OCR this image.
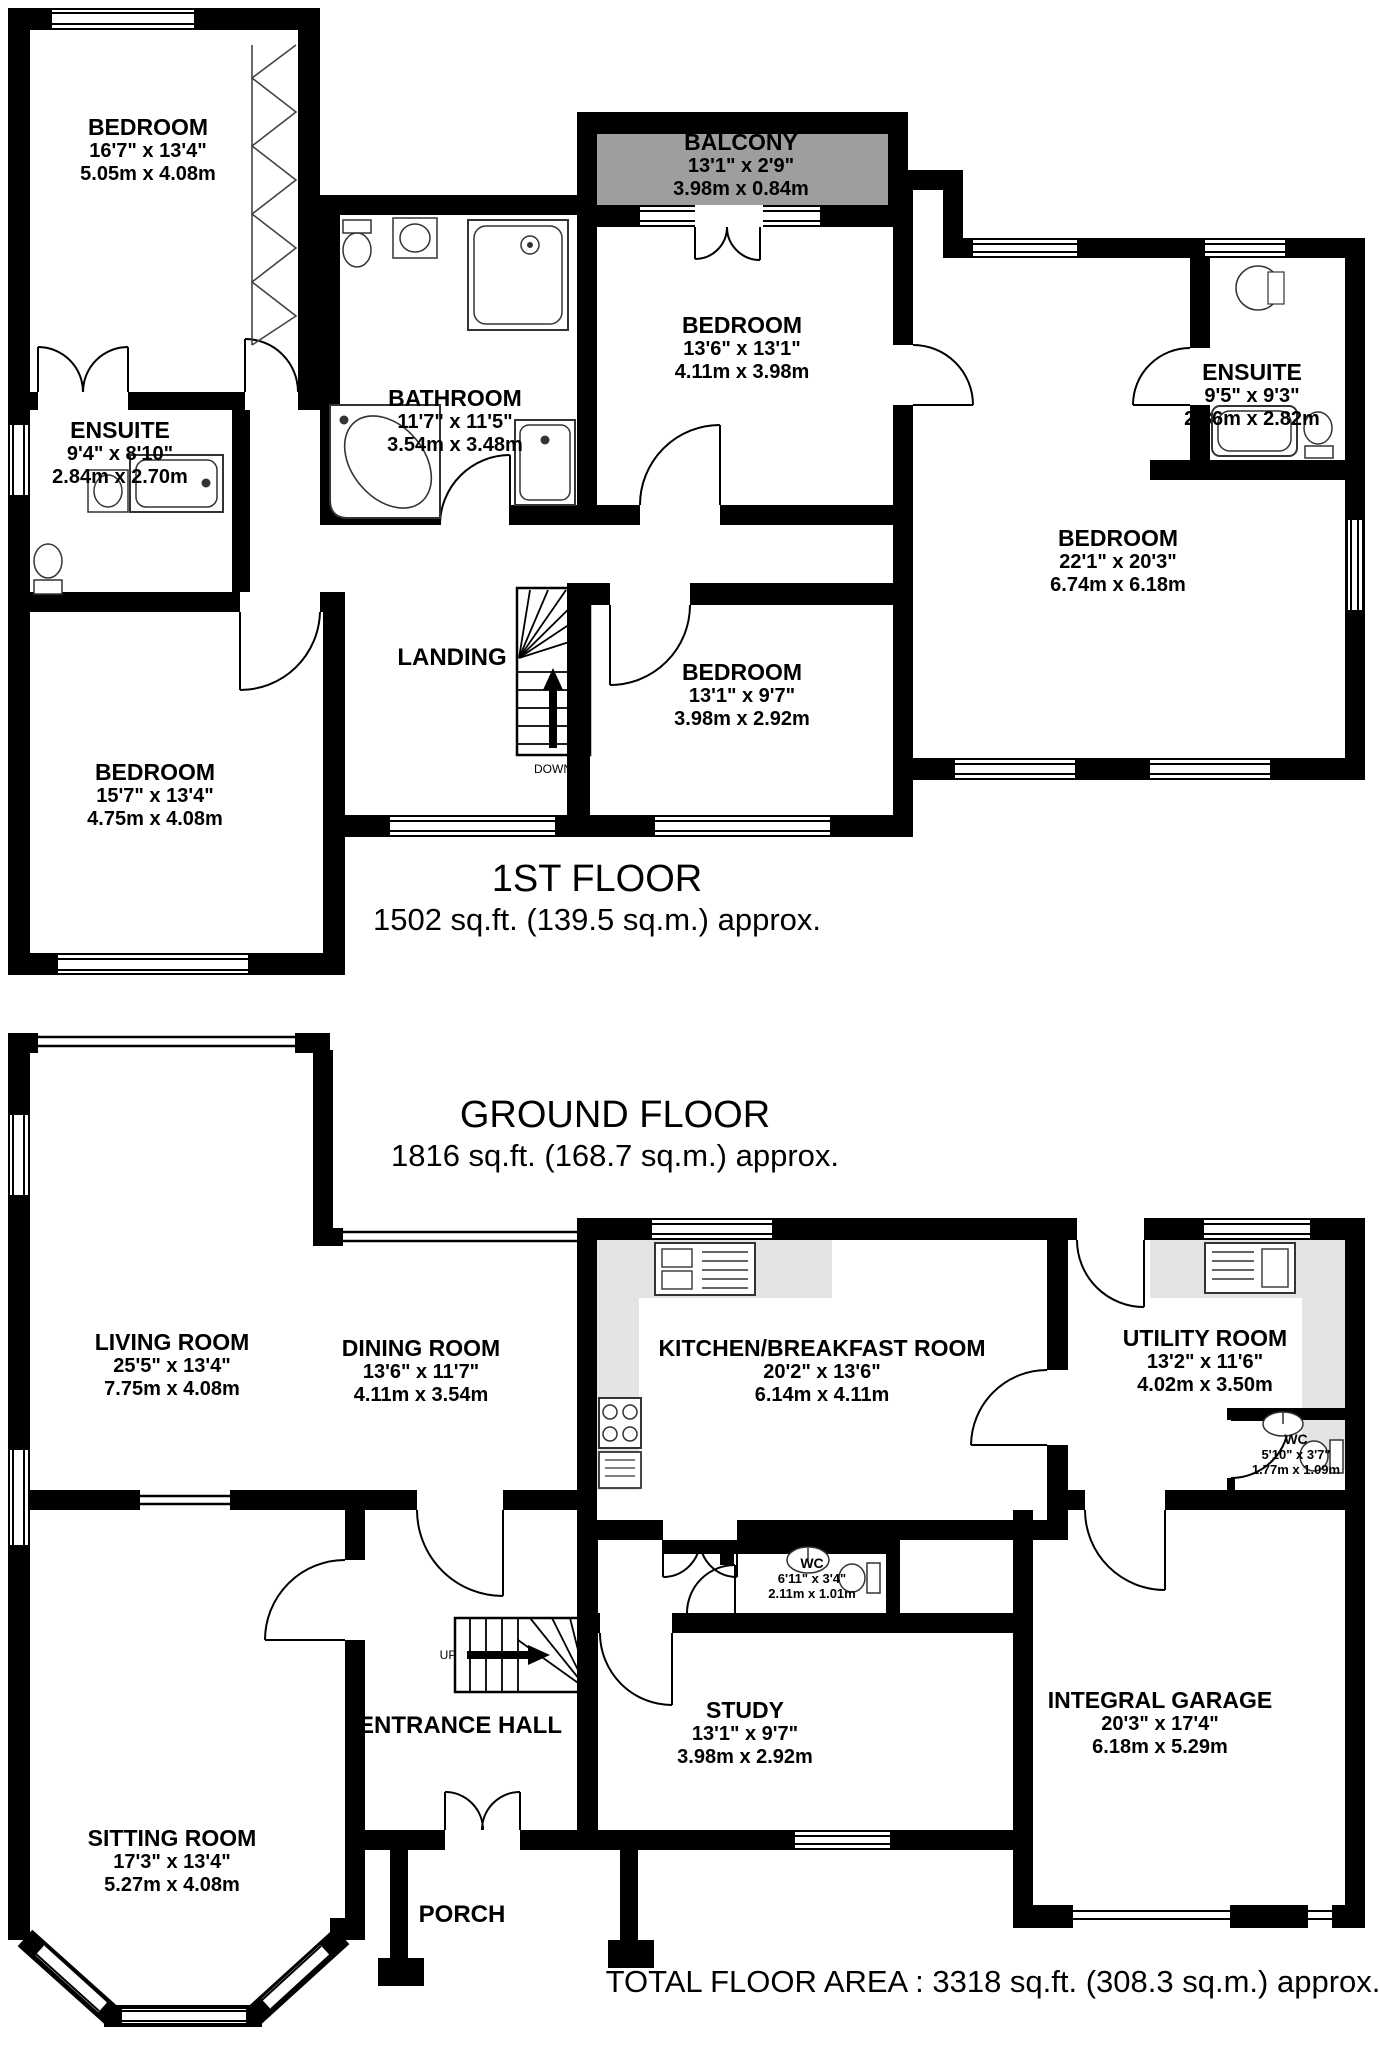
BEDROOM
16'7" x 13'4"
5.05m x 4.08m
BALCONY
13'1" x 2'9"
3.98m x 0.84m
BEDROOM
13'6" x 13'1"
4.11m x 3.98m	ENSUITE
9'5" x 9'3"
2.86m x 2.82m
BEDROOM
22'1" x 20'3"
6.74m x 6.18m
ENSUITE
9'4" x 8'10"
2.84m x 2.70m
BATHROOM
11'7" x 11'5"
3.54m x 3.48m
BEDROOM
13'1" x 9'7"
3.98m x 2.92m
BEDROOM
15'7" x 13'4"
4.75m x 4.08m
LANDING
DOWN
1ST FLOOR
1502 sq.ft. (139.5 sq.m.) approx.
GROUND FLOOR
1816 sq.ft. (168.7 sq.m.) approx.
LIVING ROOM
25'5" x 13'4"
7.75m x 4.08m
DINING ROOM
13'6" x 11'7"
4.11m x 3.54m
KITCHEN/BREAKFAST ROOM
20'2" x 13'6"
6.14m x 4.11m
UTILITY ROOM
13'2" x 11'6"
4.02m x 3.50m
WC
5'10" x 3'7"
1.77m x 1.09m
WC
6'11" x 3'4"
2.11m x 1.01m
INTEGRAL GARAGE
20'3" x 17'4"
6.18m x 5.29m
STUDY
13'1" x 9'7"
3.98m x 2.92m
SITTING ROOM
17'3" x 13'4"
5.27m x 4.08m
ENTRANCE HALL
PORCH
UP
TOTAL FLOOR AREA : 3318 sq.ft. (308.3 sq.m.) approx.
